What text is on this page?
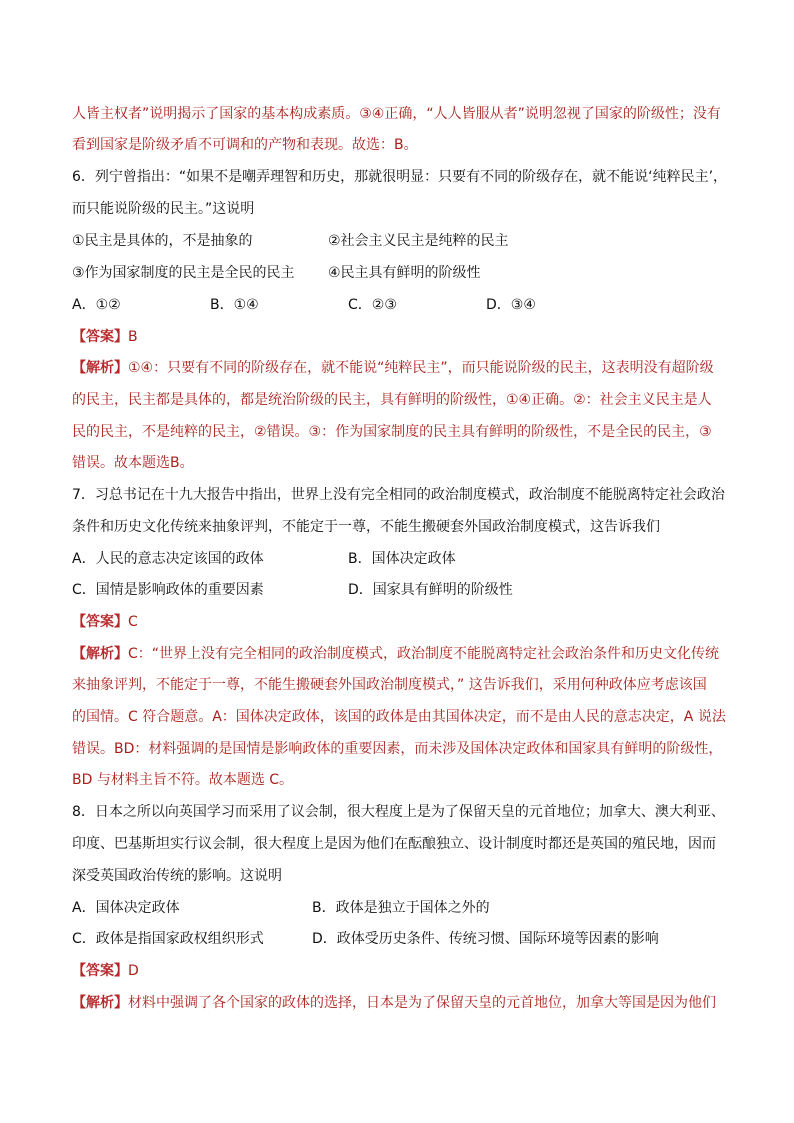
人皆主权者”说明揭示了国家的基本构成素质。③④正确，“人人皆服从者”说明忽视了国家的阶级性；没有
看到国家是阶级矛盾不可调和的产物和表现。故选：B。
6．列宁曾指出：“如果不是嘲弄理智和历史，那就很明显：只要有不同的阶级存在，就不能说‘纯粹民主’，
而只能说阶级的民主。”这说明
①民主是具体的，不是抽象的	②社会主义民主是纯粹的民主
③作为国家制度的民主是全民的民主 ④民主具有鲜明的阶级性
A．①②	B．①④	C．②③	D．③④
【答案】B
【解析】①④：只要有不同的阶级存在，就不能说“纯粹民主”，而只能说阶级的民主，这表明没有超阶级
的民主，民主都是具体的，都是统治阶级的民主，具有鲜明的阶级性，①④正确。②：社会主义民主是人
民的民主，不是纯粹的民主，②错误。③：作为国家制度的民主具有鲜明的阶级性，不是全民的民主，③
错误。故本题选B。
7．习总书记在十九大报告中指出，世界上没有完全相同的政治制度模式，政治制度不能脱离特定社会政治
条件和历史文化传统来抽象评判，不能定于一尊，不能生搬硬套外国政治制度模式，这告诉我们
A．人民的意志决定该国的政体	B．国体决定政体
C．国情是影响政体的重要因素	D．国家具有鲜明的阶级性
【答案】C
【解析】C：“世界上没有完全相同的政治制度模式，政治制度不能脱离特定社会政治条件和历史文化传统
来抽象评判，不能定于一尊，不能生搬硬套外国政治制度模式，” 这告诉我们，采用何种政体应考虑该国
的国情。C 符合题意。A：国体决定政体，该国的政体是由其国体决定，而不是由人民的意志决定，A 说法
错误。BD：材料强调的是国情是影响政体的重要因素，而未涉及国体决定政体和国家具有鲜明的阶级性，
BD 与材料主旨不符。故本题选 C。
8．日本之所以向英国学习而采用了议会制，很大程度上是为了保留天皇的元首地位；加拿大、澳大利亚、
印度、巴基斯坦实行议会制，很大程度上是因为他们在酝酿独立、设计制度时都还是英国的殖民地，因而
深受英国政治传统的影响。这说明
A．国体决定政体	B．政体是独立于国体之外的
C．政体是指国家政权组织形式	D．政体受历史条件、传统习惯、国际环境等因素的影响
【答案】D
【解析】材料中强调了各个国家的政体的选择，日本是为了保留天皇的元首地位，加拿大等国是因为他们
